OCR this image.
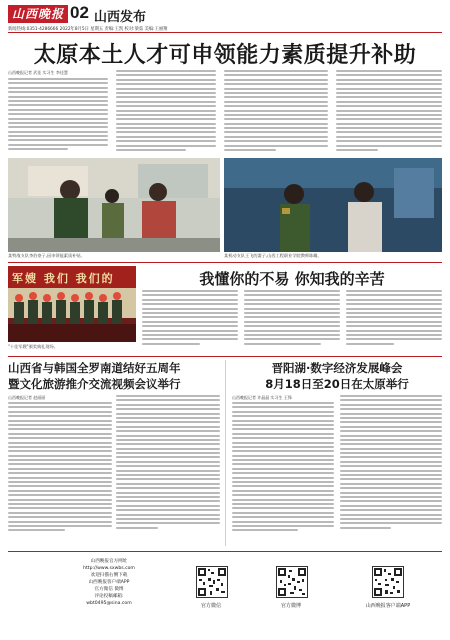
山西晚报 02 山西发布
新闻热线:0351-4286666 2022年8月5日 星期五 责编:王凯 校对:梁茹 美编:王丽翔
太原本土人才可申领能力素质提升补助
山西晚报记者 武佳 实习生 李佳慧
某特战支队李伯豪子,因申领能素质补贴。	某机动支队王飞的妻子,山西工程职业学院教师陈璐。
军嫂 我们 我们的
"十佳军嫂"颁奖典礼现场。
我懂你的不易 你知我的辛苦
山西省与韩国全罗南道结好五周年
暨文化旅游推介交流视频会议举行
山西晚报记者 赵丽丽
晋阳湖·数字经济发展峰会
8月18日至20日在太原举行
山西晚报记者 许晶晶 实习生 王锋
山西晚报官方网址
http://www.sxwbs.com
欢迎扫描右侧下载
山西晚报客户端APP
官方微信 微博
评论投稿邮箱:
wbt0495@sina.com	官方微信	官方微博	山西晚报客户端APP
